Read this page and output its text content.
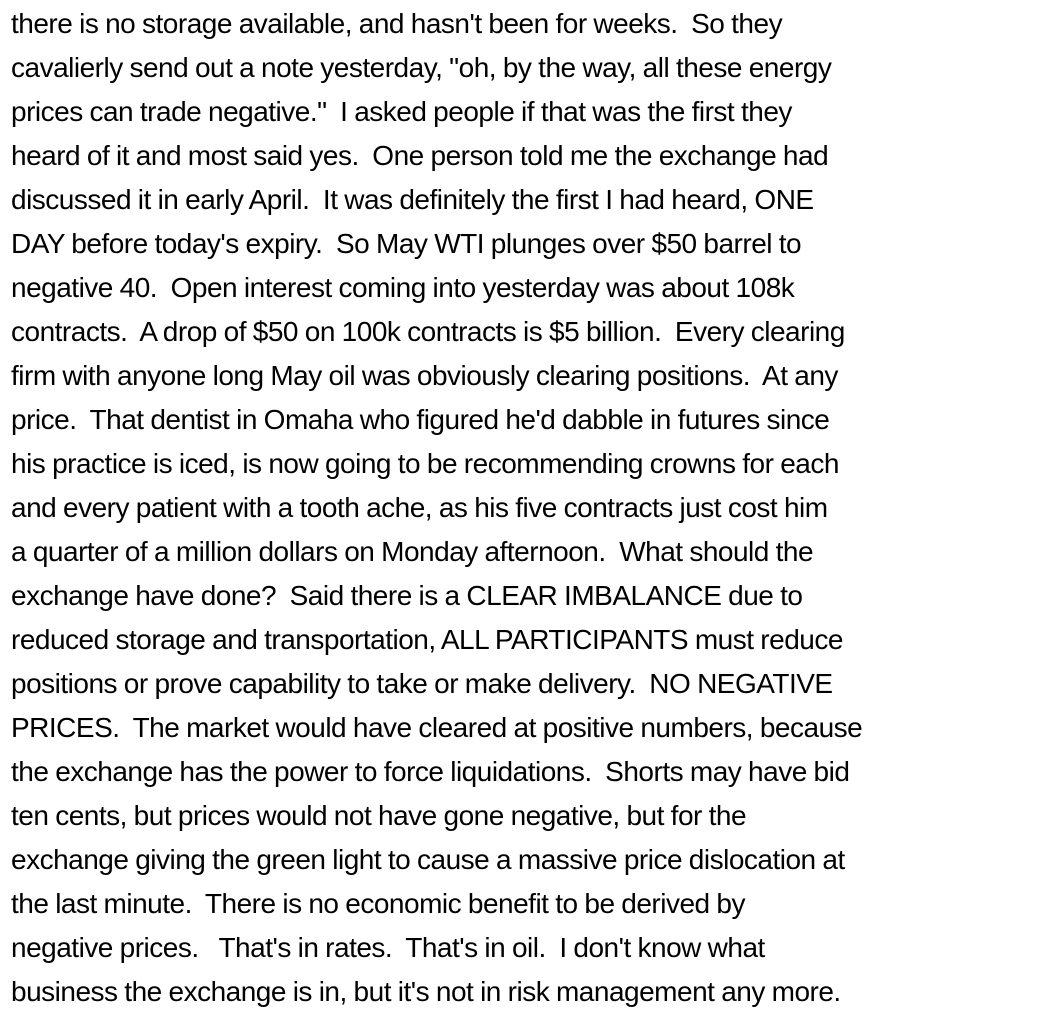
there is no storage available, and hasn't been for weeks.  So they
cavalierly send out a note yesterday, "oh, by the way, all these energy
prices can trade negative."  I asked people if that was the first they
heard of it and most said yes.  One person told me the exchange had
discussed it in early April.  It was definitely the first I had heard, ONE
DAY before today's expiry.  So May WTI plunges over $50 barrel to
negative 40.  Open interest coming into yesterday was about 108k
contracts.  A drop of $50 on 100k contracts is $5 billion.  Every clearing
firm with anyone long May oil was obviously clearing positions.  At any
price.  That dentist in Omaha who figured he'd dabble in futures since
his practice is iced, is now going to be recommending crowns for each
and every patient with a tooth ache, as his five contracts just cost him
a quarter of a million dollars on Monday afternoon.  What should the
exchange have done?  Said there is a CLEAR IMBALANCE due to
reduced storage and transportation, ALL PARTICIPANTS must reduce
positions or prove capability to take or make delivery.  NO NEGATIVE
PRICES.  The market would have cleared at positive numbers, because
the exchange has the power to force liquidations.  Shorts may have bid
ten cents, but prices would not have gone negative, but for the
exchange giving the green light to cause a massive price dislocation at
the last minute.  There is no economic benefit to be derived by
negative prices.   That's in rates.  That's in oil.  I don't know what
business the exchange is in, but it's not in risk management any more.
